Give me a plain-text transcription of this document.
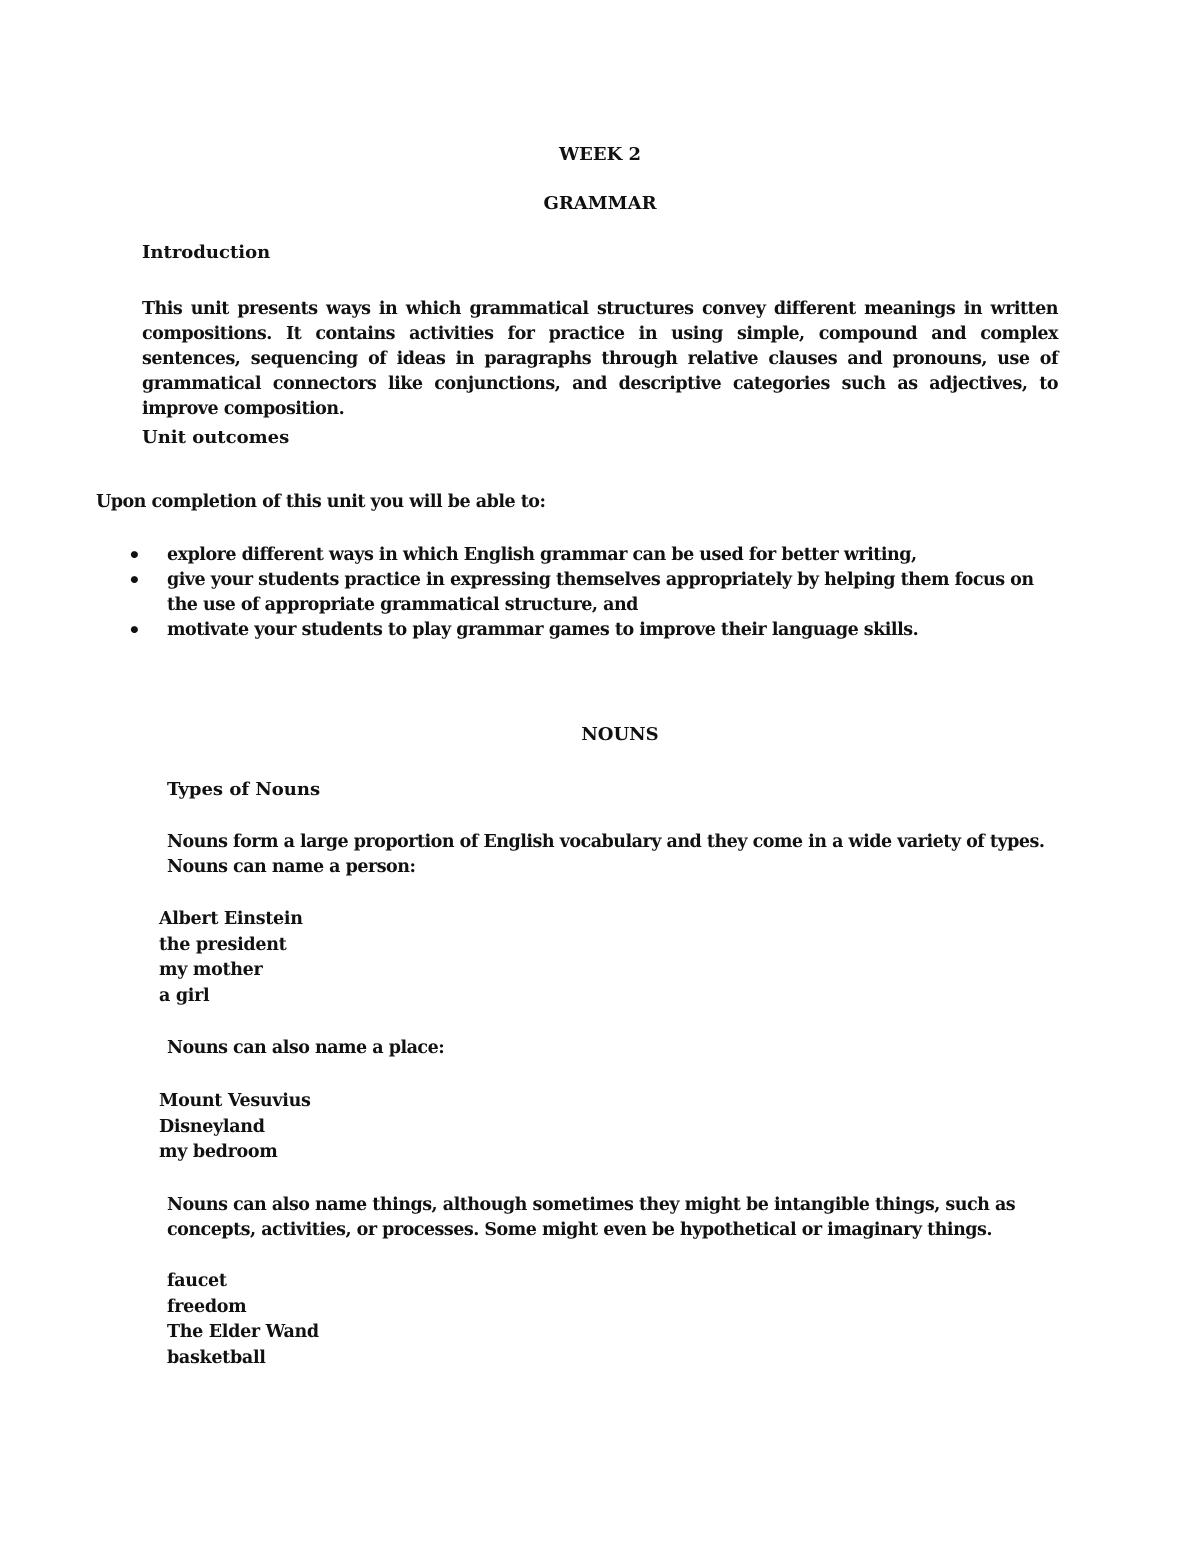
WEEK 2
GRAMMAR
Introduction

This unit presents ways in which grammatical structures convey different meanings in written compositions. It contains activities for practice in using simple, compound and complex sentences, sequencing of ideas in paragraphs through relative clauses and pronouns, use of grammatical connectors like conjunctions, and descriptive categories such as adjectives, to improve composition.

Unit outcomes

Upon completion of this unit you will be able to:

• explore different ways in which English grammar can be used for better writing,
• give your students practice in expressing themselves appropriately by helping them focus on the use of appropriate grammatical structure, and
• motivate your students to play grammar games to improve their language skills.
NOUNS
Types of Nouns

Nouns form a large proportion of English vocabulary and they come in a wide variety of types.

Nouns can name a person:

Albert Einstein
the president
my mother
a girl

Nouns can also name a place:

Mount Vesuvius
Disneyland
my bedroom

Nouns can also name things, although sometimes they might be intangible things, such as

concepts, activities, or processes. Some might even be hypothetical or imaginary things.

faucet
freedom
The Elder Wand
basketball
